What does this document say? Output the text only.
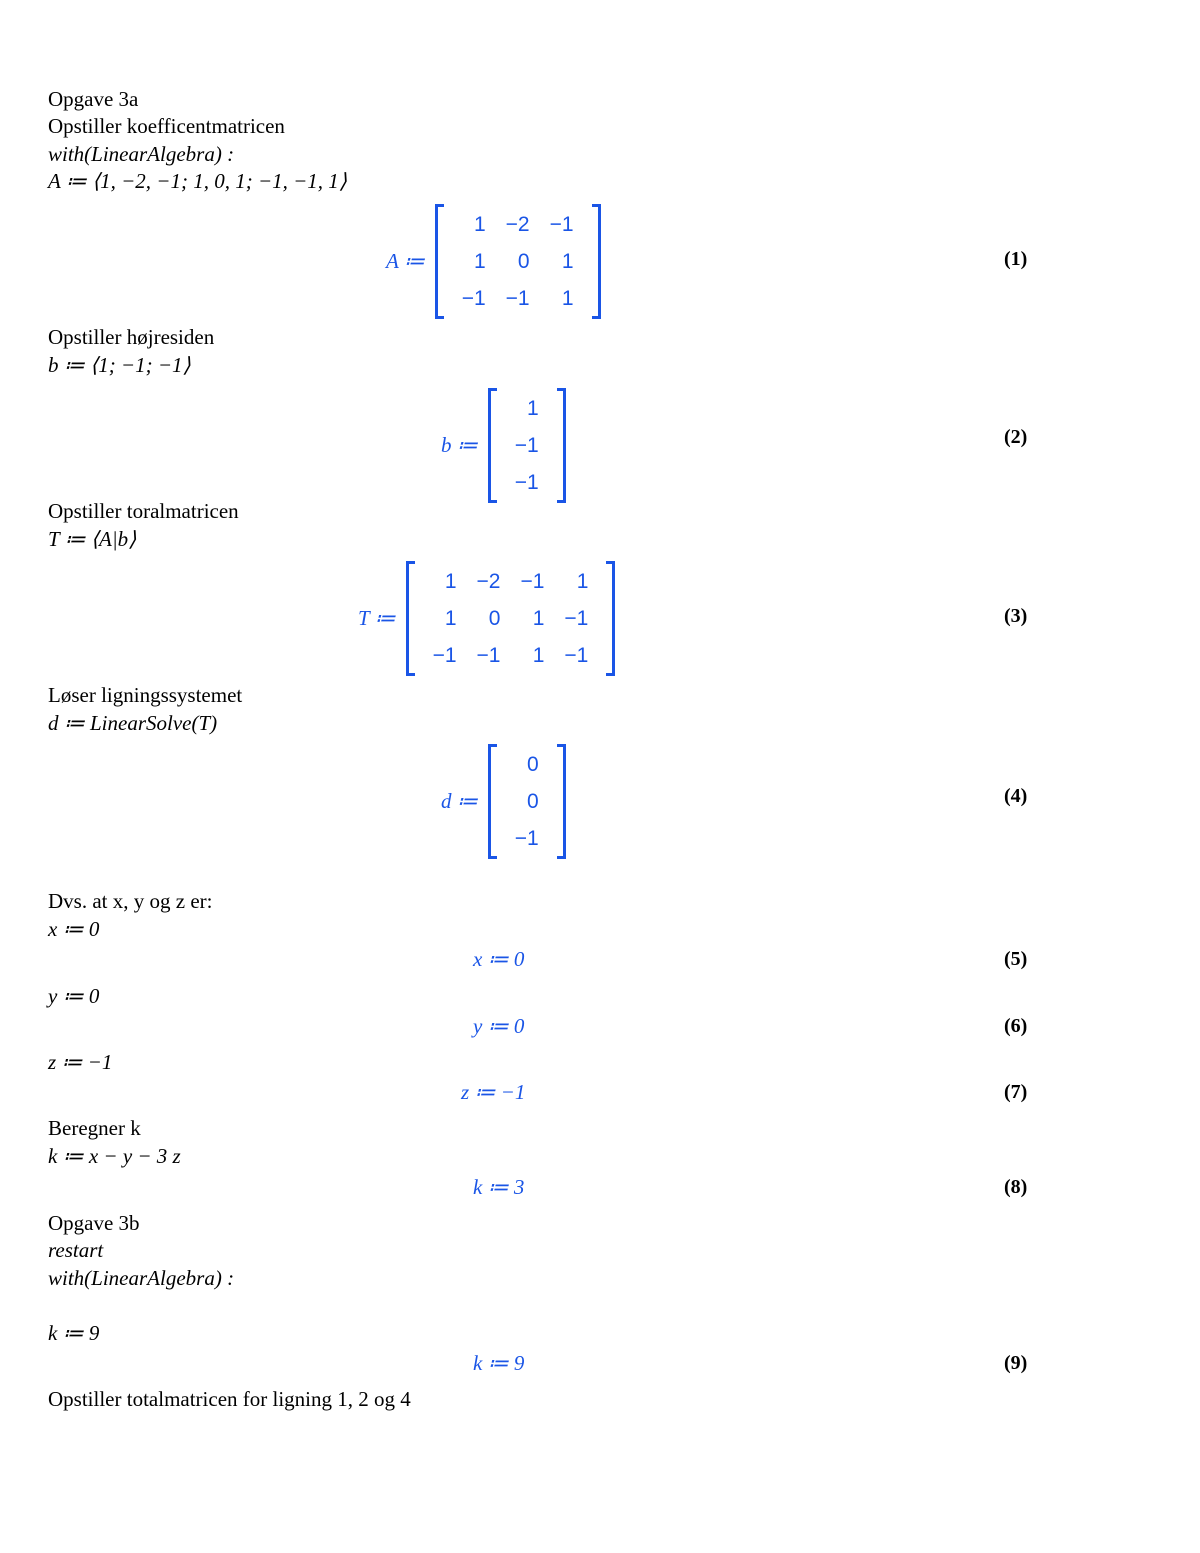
Opgave 3a
Opstiller koefficentmatricen
with(LinearAlgebra) :
A ≔ ⟨1, −2, −1; 1, 0, 1; −1, −1, 1⟩
A ≔
1 −2 −1
1	0	1
−1 −1	1
(1)
Opstiller højresiden
b ≔ ⟨1; −1; −1⟩
b ≔
1
−1
−1
(2)
Opstiller toralmatricen
T ≔ ⟨A|b⟩
T ≔
1 −2 −1	1
1	0	1 −1
−1 −1	1 −1
(3)
Løser ligningssystemet
d ≔ LinearSolve(T)
d ≔
0
0
−1
(4)
Dvs. at x, y og z er:
x ≔ 0
x ≔ 0	(5)
y ≔ 0
y ≔ 0	(6)
z ≔ −1
z ≔ −1	(7)
Beregner k
k ≔ x − y − 3 z
k ≔ 3	(8)
Opgave 3b
restart
with(LinearAlgebra) :
k ≔ 9
k ≔ 9	(9)
Opstiller totalmatricen for ligning 1, 2 og 4
